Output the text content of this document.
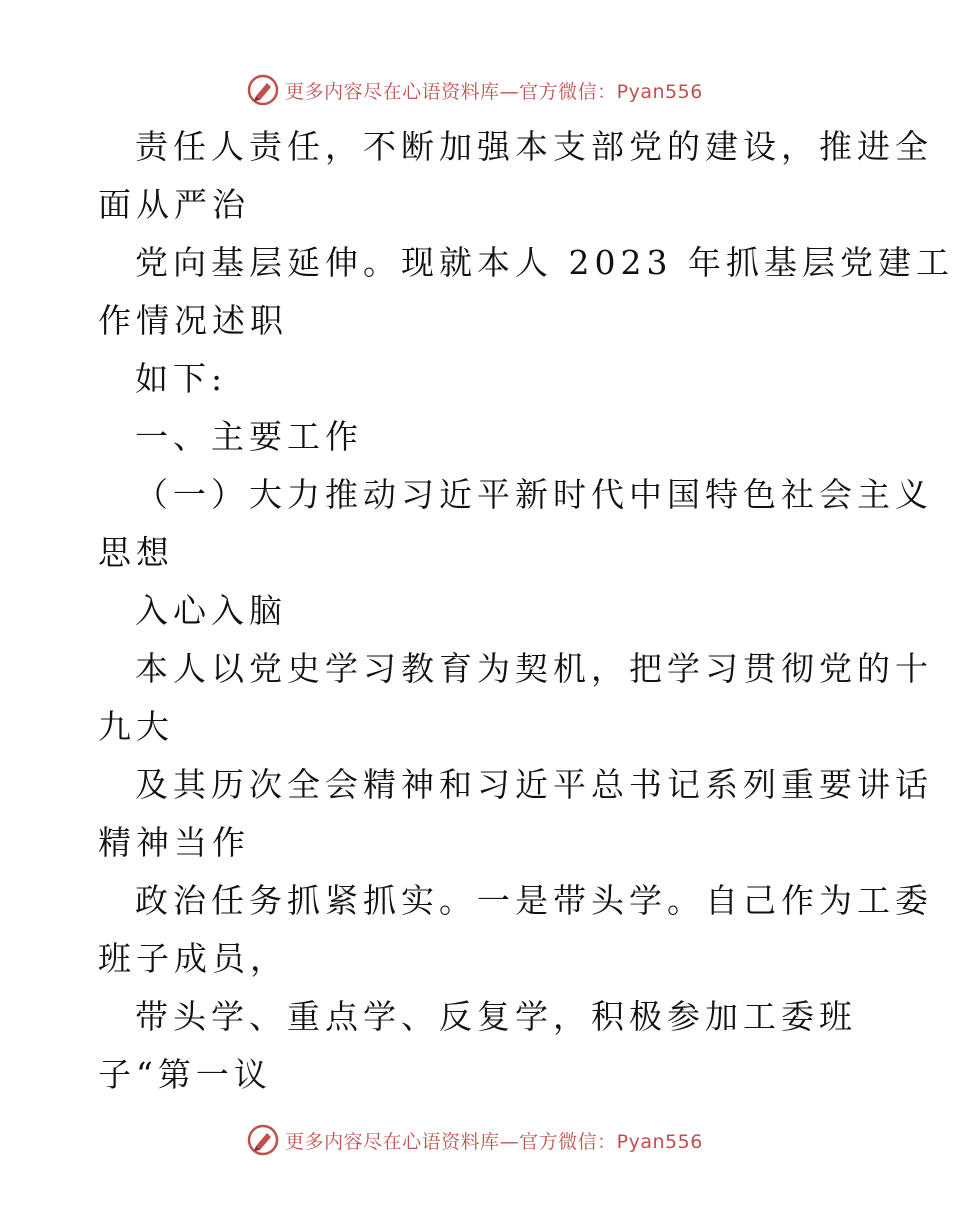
更多内容尽在心语资料库—官方微信：Pyan556

责任人责任，不断加强本支部党的建设，推进全

面从严治

党向基层延伸。现就本人 2023 年抓基层党建工

作情况述职

如下:

一、主要工作

（一）大力推动习近平新时代中国特色社会主义

思想

入心入脑

本人以党史学习教育为契机，把学习贯彻党的十

九大

及其历次全会精神和习近平总书记系列重要讲话

精神当作

政治任务抓紧抓实。一是带头学。自己作为工委

班子成员，

带头学、重点学、反复学，积极参加工委班

子“第一议

更多内容尽在心语资料库—官方微信：Pyan556
